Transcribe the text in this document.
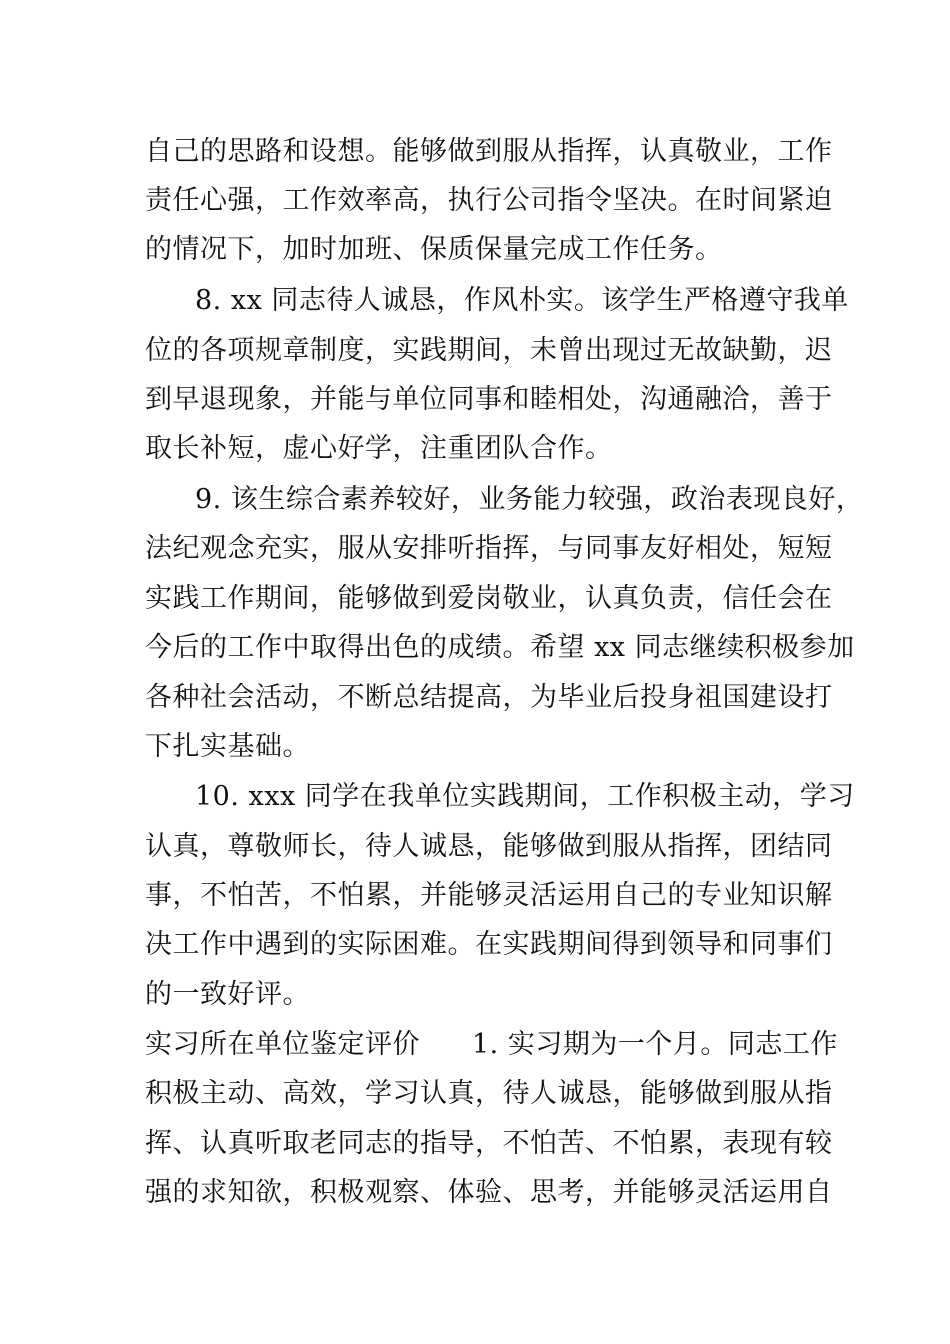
自己的思路和设想。能够做到服从指挥，认真敬业，工作
责任心强，工作效率高，执行公司指令坚决。在时间紧迫
的情况下，加时加班、保质保量完成工作任务。
8. xx 同志待人诚恳，作风朴实。该学生严格遵守我单
位的各项规章制度，实践期间，未曾出现过无故缺勤，迟
到早退现象，并能与单位同事和睦相处，沟通融洽，善于
取长补短，虚心好学，注重团队合作。
9. 该生综合素养较好，业务能力较强，政治表现良好，
法纪观念充实，服从安排听指挥，与同事友好相处，短短
实践工作期间，能够做到爱岗敬业，认真负责，信任会在
今后的工作中取得出色的成绩。希望 xx 同志继续积极参加
各种社会活动，不断总结提高，为毕业后投身祖国建设打
下扎实基础。
10. xxx 同学在我单位实践期间，工作积极主动，学习
认真，尊敬师长，待人诚恳，能够做到服从指挥，团结同
事，不怕苦，不怕累，并能够灵活运用自己的专业知识解
决工作中遇到的实际困难。在实践期间得到领导和同事们
的一致好评。
实习所在单位鉴定评价 1. 实习期为一个月。同志工作
积极主动、高效，学习认真，待人诚恳，能够做到服从指
挥、认真听取老同志的指导，不怕苦、不怕累，表现有较
强的求知欲，积极观察、体验、思考，并能够灵活运用自
